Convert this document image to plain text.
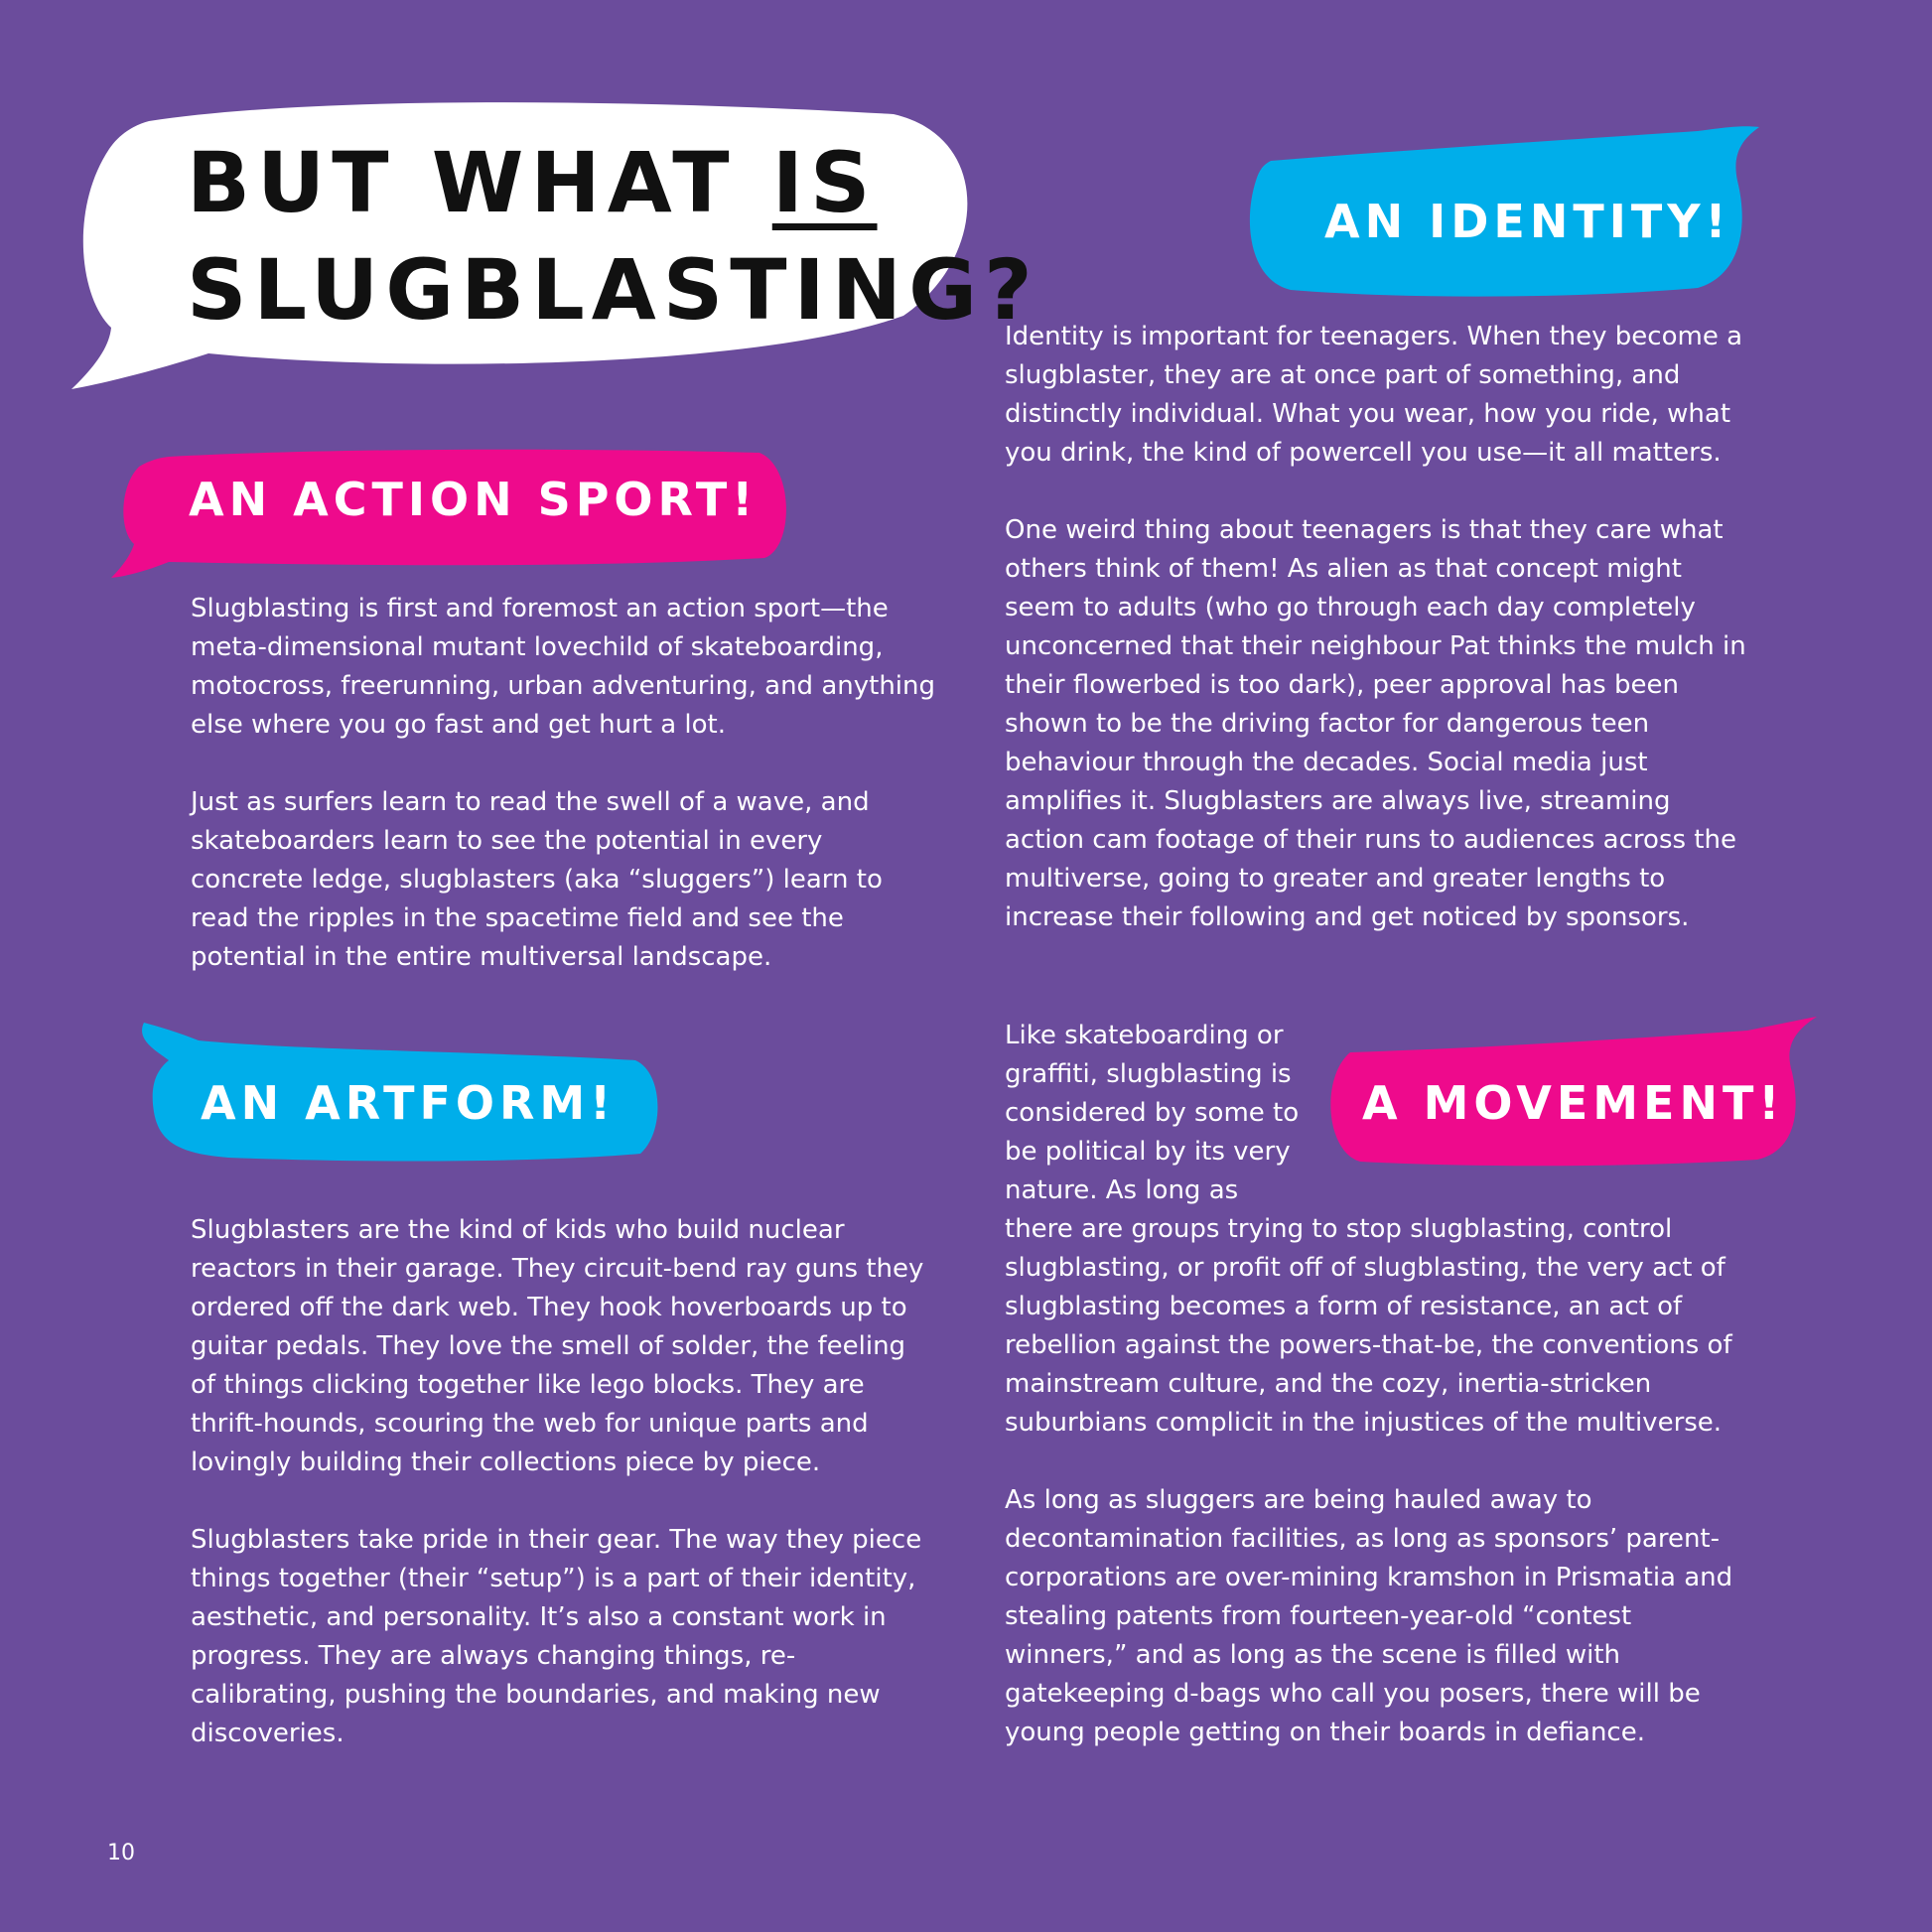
BUT WHAT IS
SLUGBLASTING?
AN ACTION SPORT!

Slugblasting is first and foremost an action sport—the meta-dimensional mutant lovechild of skateboarding, motocross, freerunning, urban adventuring, and anything else where you go fast and get hurt a lot.

Just as surfers learn to read the swell of a wave, and skateboarders learn to see the potential in every concrete ledge, slugblasters (aka “sluggers”) learn to read the ripples in the spacetime field and see the potential in the entire multiversal landscape.

AN ARTFORM!

Slugblasters are the kind of kids who build nuclear reactors in their garage. They circuit-bend ray guns they ordered off the dark web. They hook hoverboards up to guitar pedals. They love the smell of solder, the feeling of things clicking together like lego blocks. They are thrift-hounds, scouring the web for unique parts and lovingly building their collections piece by piece.

Slugblasters take pride in their gear. The way they piece things together (their “setup”) is a part of their identity, aesthetic, and personality. It’s also a constant work in progress. They are always changing things, re-calibrating, pushing the boundaries, and making new discoveries.

AN IDENTITY!

Identity is important for teenagers. When they become a slugblaster, they are at once part of something, and distinctly individual. What you wear, how you ride, what you drink, the kind of powercell you use—it all matters.

One weird thing about teenagers is that they care what others think of them! As alien as that concept might seem to adults (who go through each day completely unconcerned that their neighbour Pat thinks the mulch in their flowerbed is too dark), peer approval has been shown to be the driving factor for dangerous teen behaviour through the decades. Social media just amplifies it. Slugblasters are always live, streaming action cam footage of their runs to audiences across the multiverse, going to greater and greater lengths to increase their following and get noticed by sponsors.

A MOVEMENT!

Like skateboarding or graffiti, slugblasting is considered by some to be political by its very nature. As long as

there are groups trying to stop slugblasting, control slugblasting, or profit off of slugblasting, the very act of slugblasting becomes a form of resistance, an act of rebellion against the powers-that-be, the conventions of mainstream culture, and the cozy, inertia-stricken suburbians complicit in the injustices of the multiverse.

As long as sluggers are being hauled away to decontamination facilities, as long as sponsors’ parent-corporations are over-mining kramshon in Prismatia and stealing patents from fourteen-year-old “contest winners,” and as long as the scene is filled with gatekeeping d-bags who call you posers, there will be young people getting on their boards in defiance.

10
